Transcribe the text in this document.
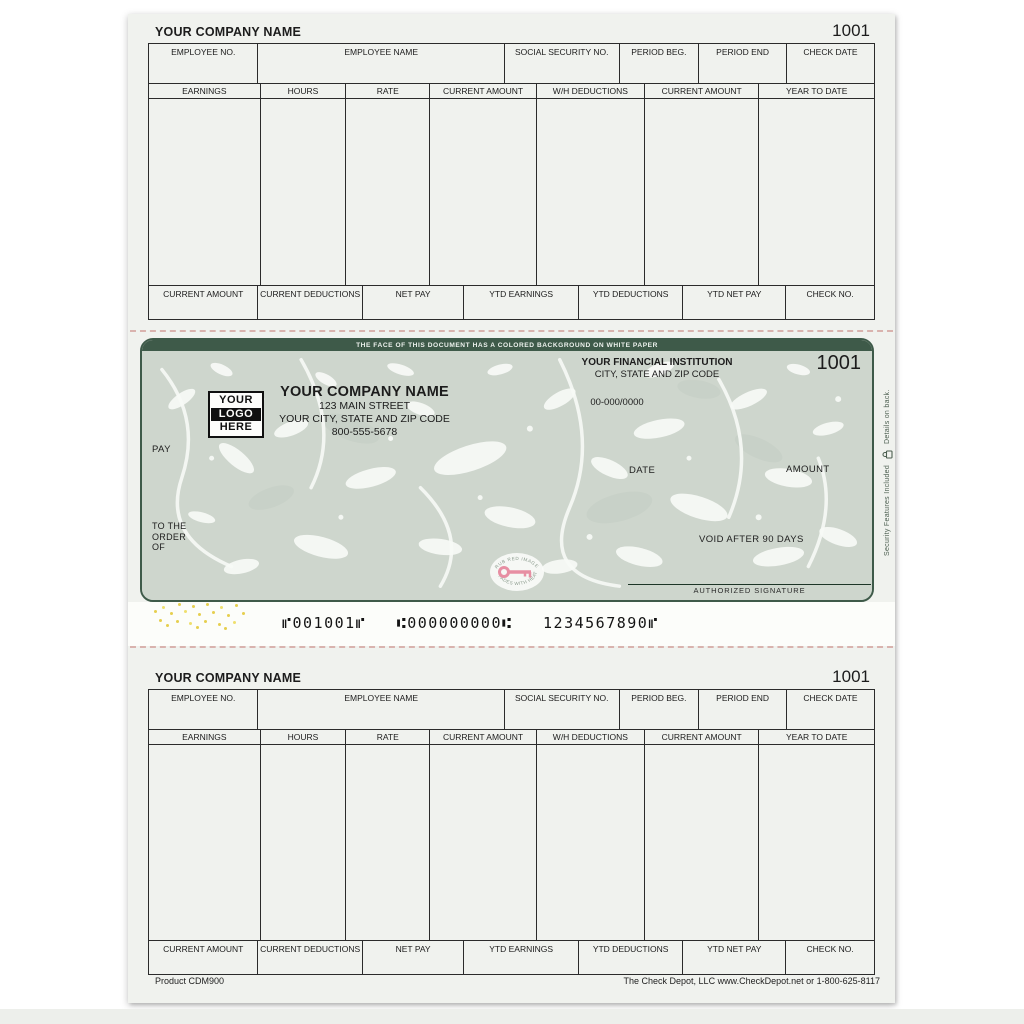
YOUR COMPANY NAME	1001
EMPLOYEE NO.	EMPLOYEE NAME	SOCIAL SECURITY NO.	PERIOD BEG.	PERIOD END	CHECK DATE
EARNINGS	HOURS	RATE	CURRENT AMOUNT	W/H DEDUCTIONS	CURRENT AMOUNT	YEAR TO DATE
CURRENT AMOUNT	CURRENT DEDUCTIONS	NET PAY	YTD EARNINGS	YTD DEDUCTIONS	YTD NET PAY	CHECK NO.
THE FACE OF THIS DOCUMENT HAS A COLORED BACKGROUND ON WHITE PAPER
YOUR FINANCIAL INSTITUTION
CITY, STATE AND ZIP CODE
00-000/0000
1001
YOUR
LOGO
HERE
YOUR COMPANY NAME
123 MAIN STREET
YOUR CITY, STATE AND ZIP CODE
800-555-5678
PAY
DATE	AMOUNT
TO THE
ORDER
OF
VOID AFTER 90 DAYS
RUB RED IMAGE
FADES WITH HEAT
AUTHORIZED SIGNATURE
Security Features Included
Details on back.
⑈001001⑈ ⑆000000000⑆ 1234567890⑈
YOUR COMPANY NAME	1001
EMPLOYEE NO.	EMPLOYEE NAME	SOCIAL SECURITY NO.	PERIOD BEG.	PERIOD END	CHECK DATE
EARNINGS	HOURS	RATE	CURRENT AMOUNT	W/H DEDUCTIONS	CURRENT AMOUNT	YEAR TO DATE
CURRENT AMOUNT	CURRENT DEDUCTIONS	NET PAY	YTD EARNINGS	YTD DEDUCTIONS	YTD NET PAY	CHECK NO.
Product CDM900	The Check Depot, LLC www.CheckDepot.net or 1-800-625-8117
